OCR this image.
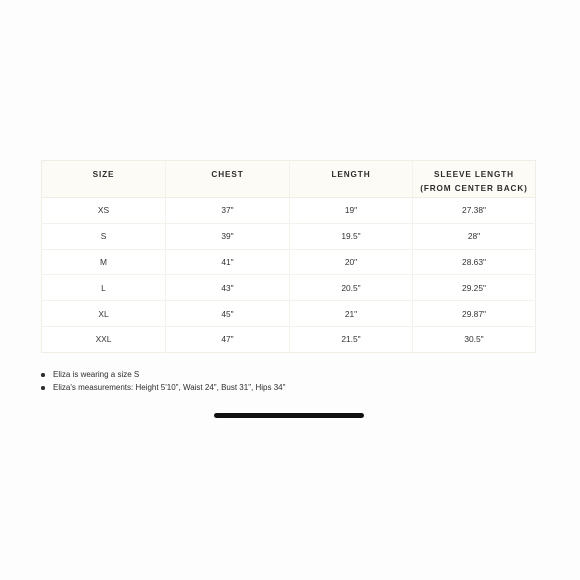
SIZE	CHEST	LENGTH	SLEEVE LENGTH (FROM CENTER BACK)
XS	37"	19"	27.38"
S	39"	19.5"	28"
M	41"	20"	28.63"
L	43"	20.5"	29.25"
XL	45"	21"	29.87"
XXL	47"	21.5"	30.5"
Eliza is wearing a size S
Eliza's measurements: Height 5'10", Waist 24", Bust 31", Hips 34"
